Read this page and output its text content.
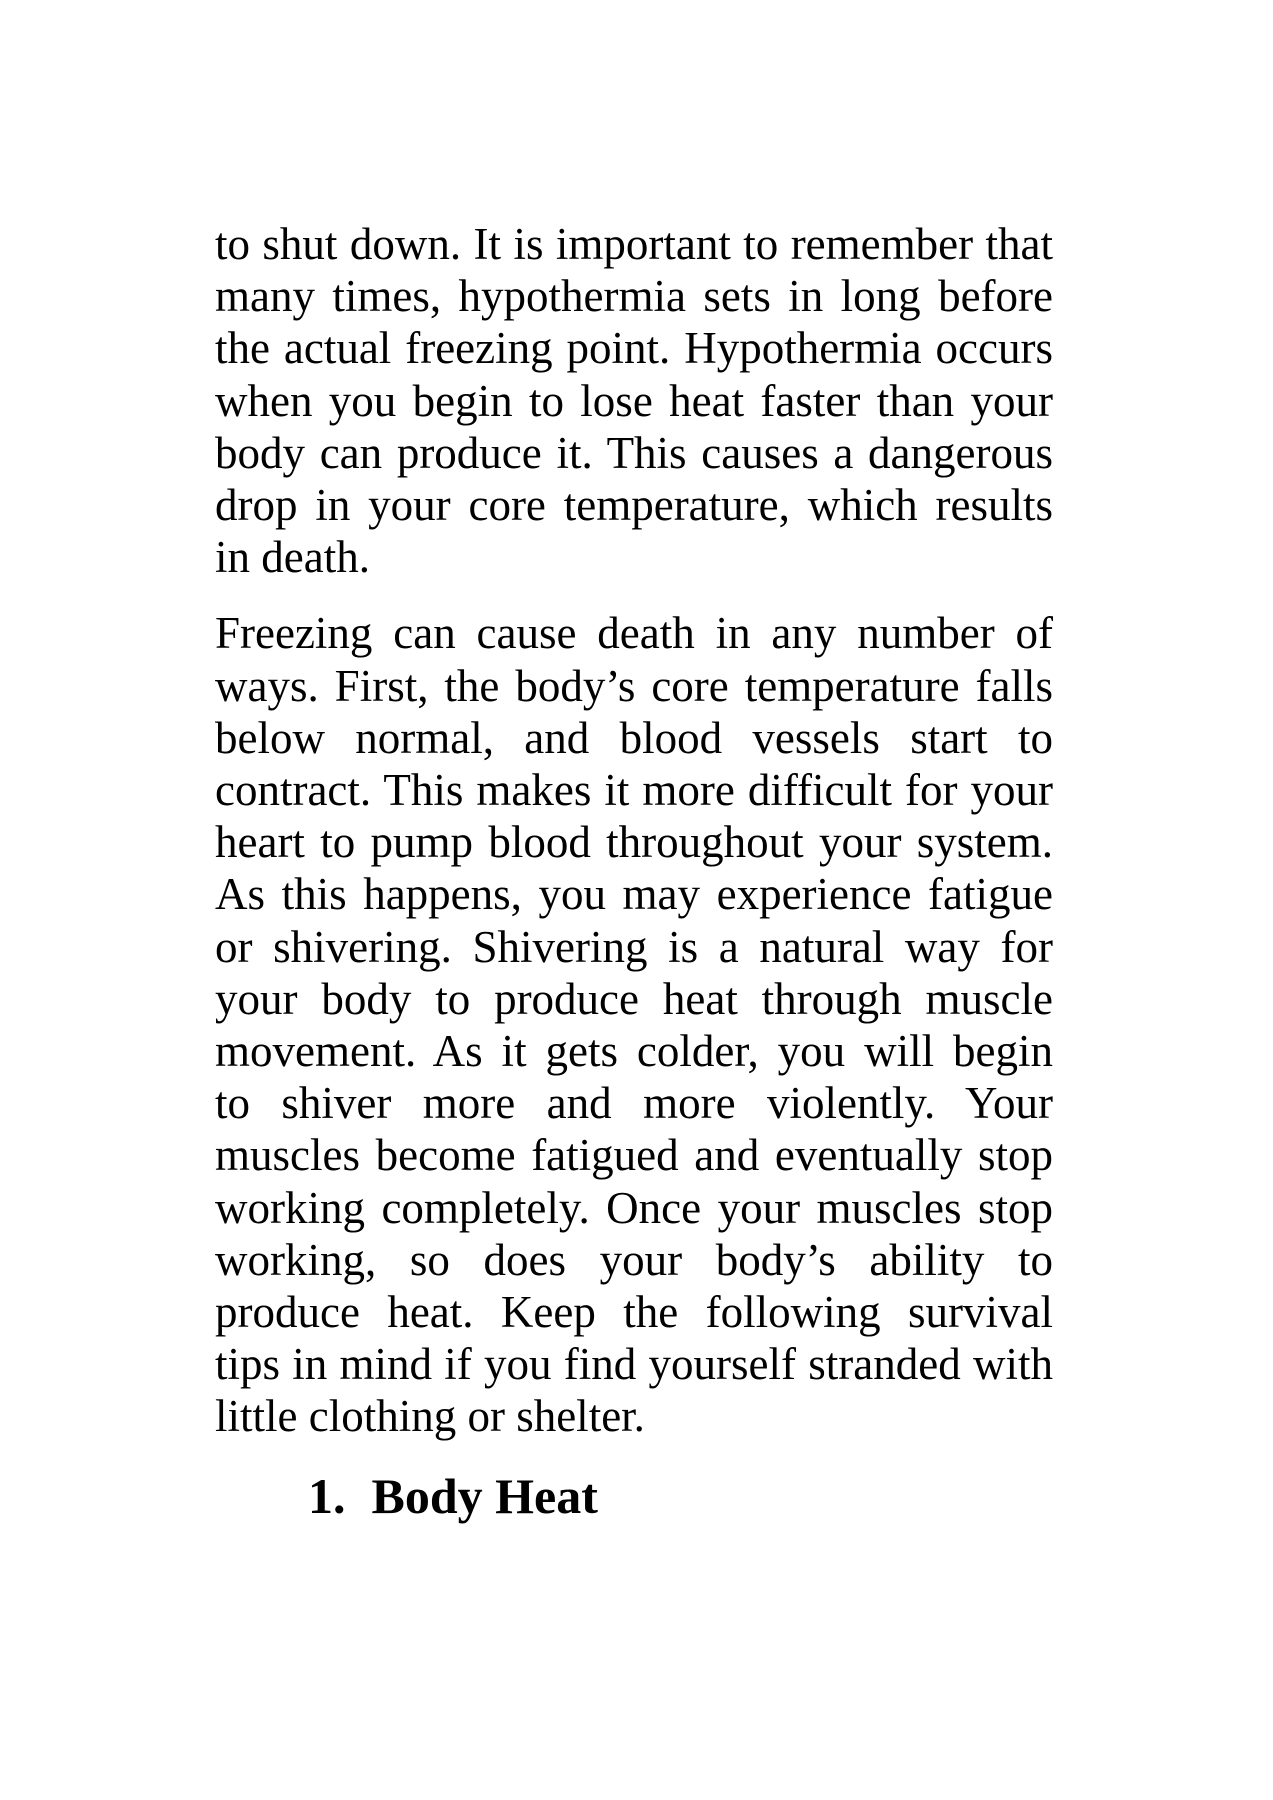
to shut down. It is important to remember that
many times, hypothermia sets in long before
the actual freezing point. Hypothermia occurs
when you begin to lose heat faster than your
body can produce it. This causes a dangerous
drop in your core temperature, which results
in death.

Freezing can cause death in any number of
ways. First, the body’s core temperature falls
below normal, and blood vessels start to
contract. This makes it more difficult for your
heart to pump blood throughout your system.
As this happens, you may experience fatigue
or shivering. Shivering is a natural way for
your body to produce heat through muscle
movement. As it gets colder, you will begin
to shiver more and more violently. Your
muscles become fatigued and eventually stop
working completely. Once your muscles stop
working, so does your body’s ability to
produce heat. Keep the following survival
tips in mind if you find yourself stranded with
little clothing or shelter.

1. Body Heat
